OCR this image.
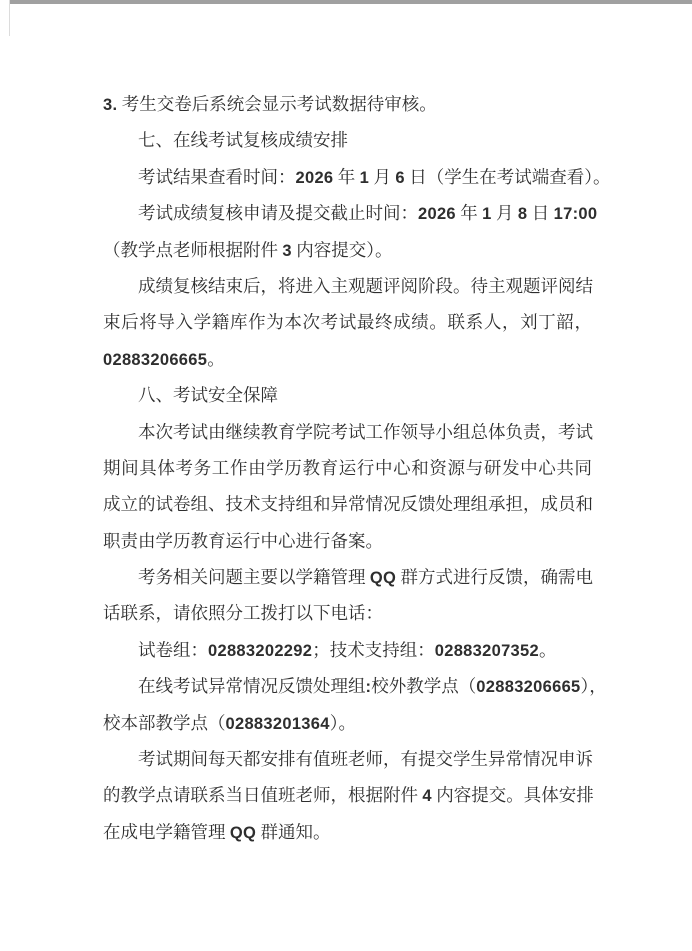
3. 考生交卷后系统会显示考试数据待审核。
七、在线考试复核成绩安排
考试结果查看时间：2026 年 1 月 6 日（学生在考试端查看）。
考试成绩复核申请及提交截止时间：2026 年 1 月 8 日 17:00
（教学点老师根据附件 3 内容提交）。
成绩复核结束后，将进入主观题评阅阶段。待主观题评阅结
束后将导入学籍库作为本次考试最终成绩。联系人，刘丁韶，
02883206665。
八、考试安全保障
本次考试由继续教育学院考试工作领导小组总体负责，考试
期间具体考务工作由学历教育运行中心和资源与研发中心共同
成立的试卷组、技术支持组和异常情况反馈处理组承担，成员和
职责由学历教育运行中心进行备案。
考务相关问题主要以学籍管理 QQ 群方式进行反馈，确需电
话联系，请依照分工拨打以下电话：
试卷组：02883202292；技术支持组：02883207352。
在线考试异常情况反馈处理组:校外教学点（02883206665），
校本部教学点（02883201364）。
考试期间每天都安排有值班老师，有提交学生异常情况申诉
的教学点请联系当日值班老师，根据附件 4 内容提交。具体安排
在成电学籍管理 QQ 群通知。
